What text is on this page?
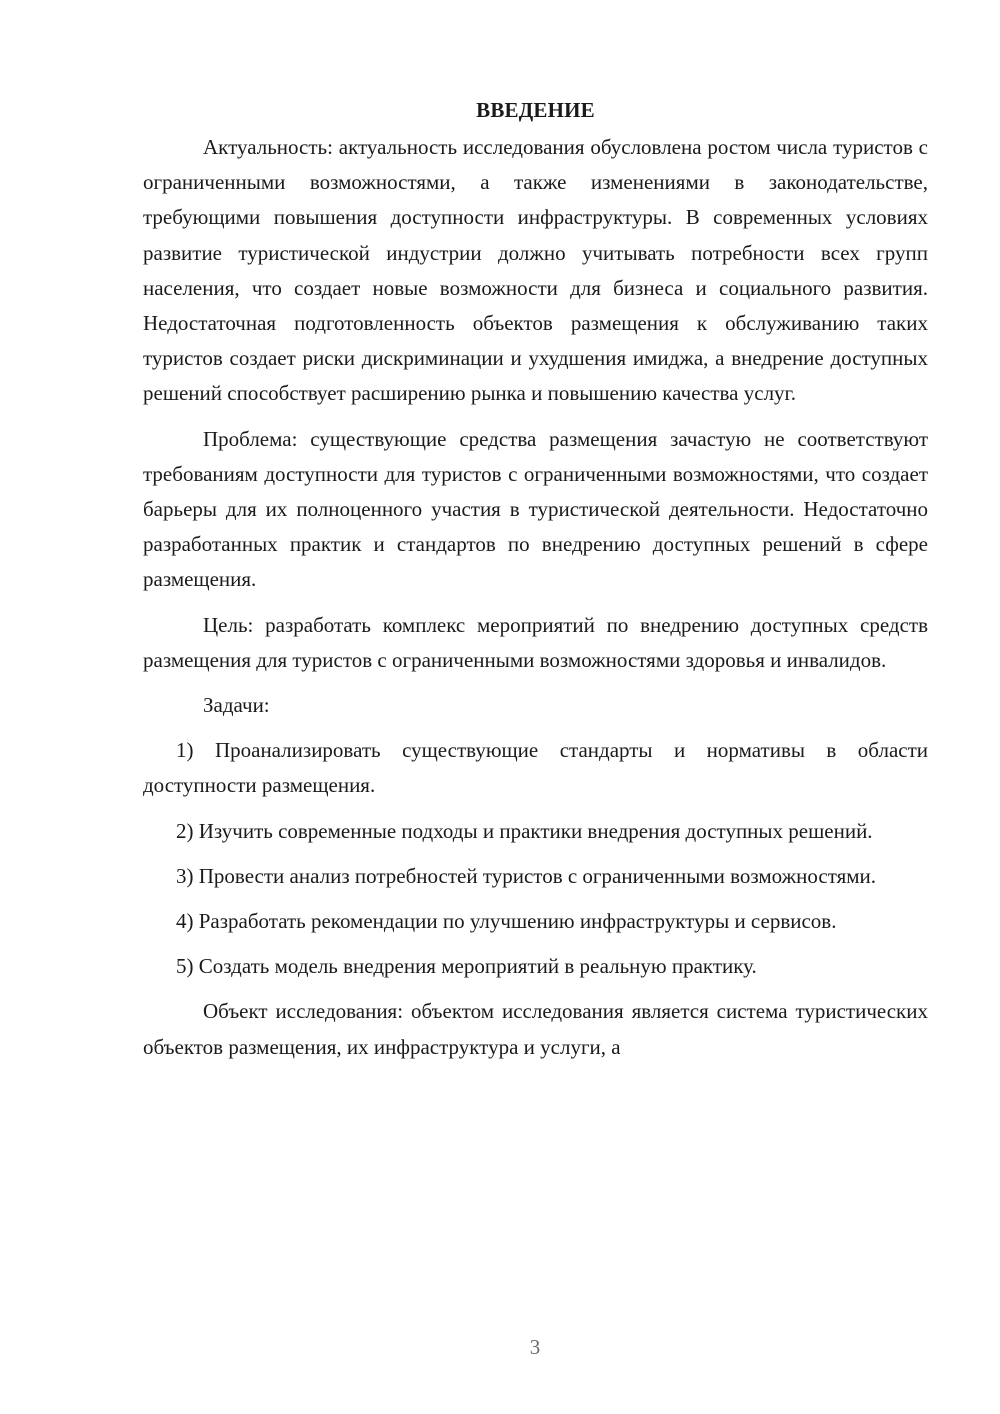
ВВЕДЕНИЕ

Актуальность: актуальность исследования обусловлена ростом числа туристов с ограниченными возможностями, а также изменениями в законодательстве, требующими повышения доступности инфраструктуры. В современных условиях развитие туристической индустрии должно учитывать потребности всех групп населения, что создает новые возможности для бизнеса и социального развития. Недостаточная подготовленность объектов размещения к обслуживанию таких туристов создает риски дискриминации и ухудшения имиджа, а внедрение доступных решений способствует расширению рынка и повышению качества услуг.

Проблема: существующие средства размещения зачастую не соответствуют требованиям доступности для туристов с ограниченными возможностями, что создает барьеры для их полноценного участия в туристической деятельности. Недостаточно разработанных практик и стандартов по внедрению доступных решений в сфере размещения.

Цель: разработать комплекс мероприятий по внедрению доступных средств размещения для туристов с ограниченными возможностями здоровья и инвалидов.

Задачи:

1) Проанализировать существующие стандарты и нормативы в области доступности размещения.

2) Изучить современные подходы и практики внедрения доступных решений.

3) Провести анализ потребностей туристов с ограниченными возможностями.

4) Разработать рекомендации по улучшению инфраструктуры и сервисов.

5) Создать модель внедрения мероприятий в реальную практику.

Объект исследования: объектом исследования является система туристических объектов размещения, их инфраструктура и услуги, а

3
